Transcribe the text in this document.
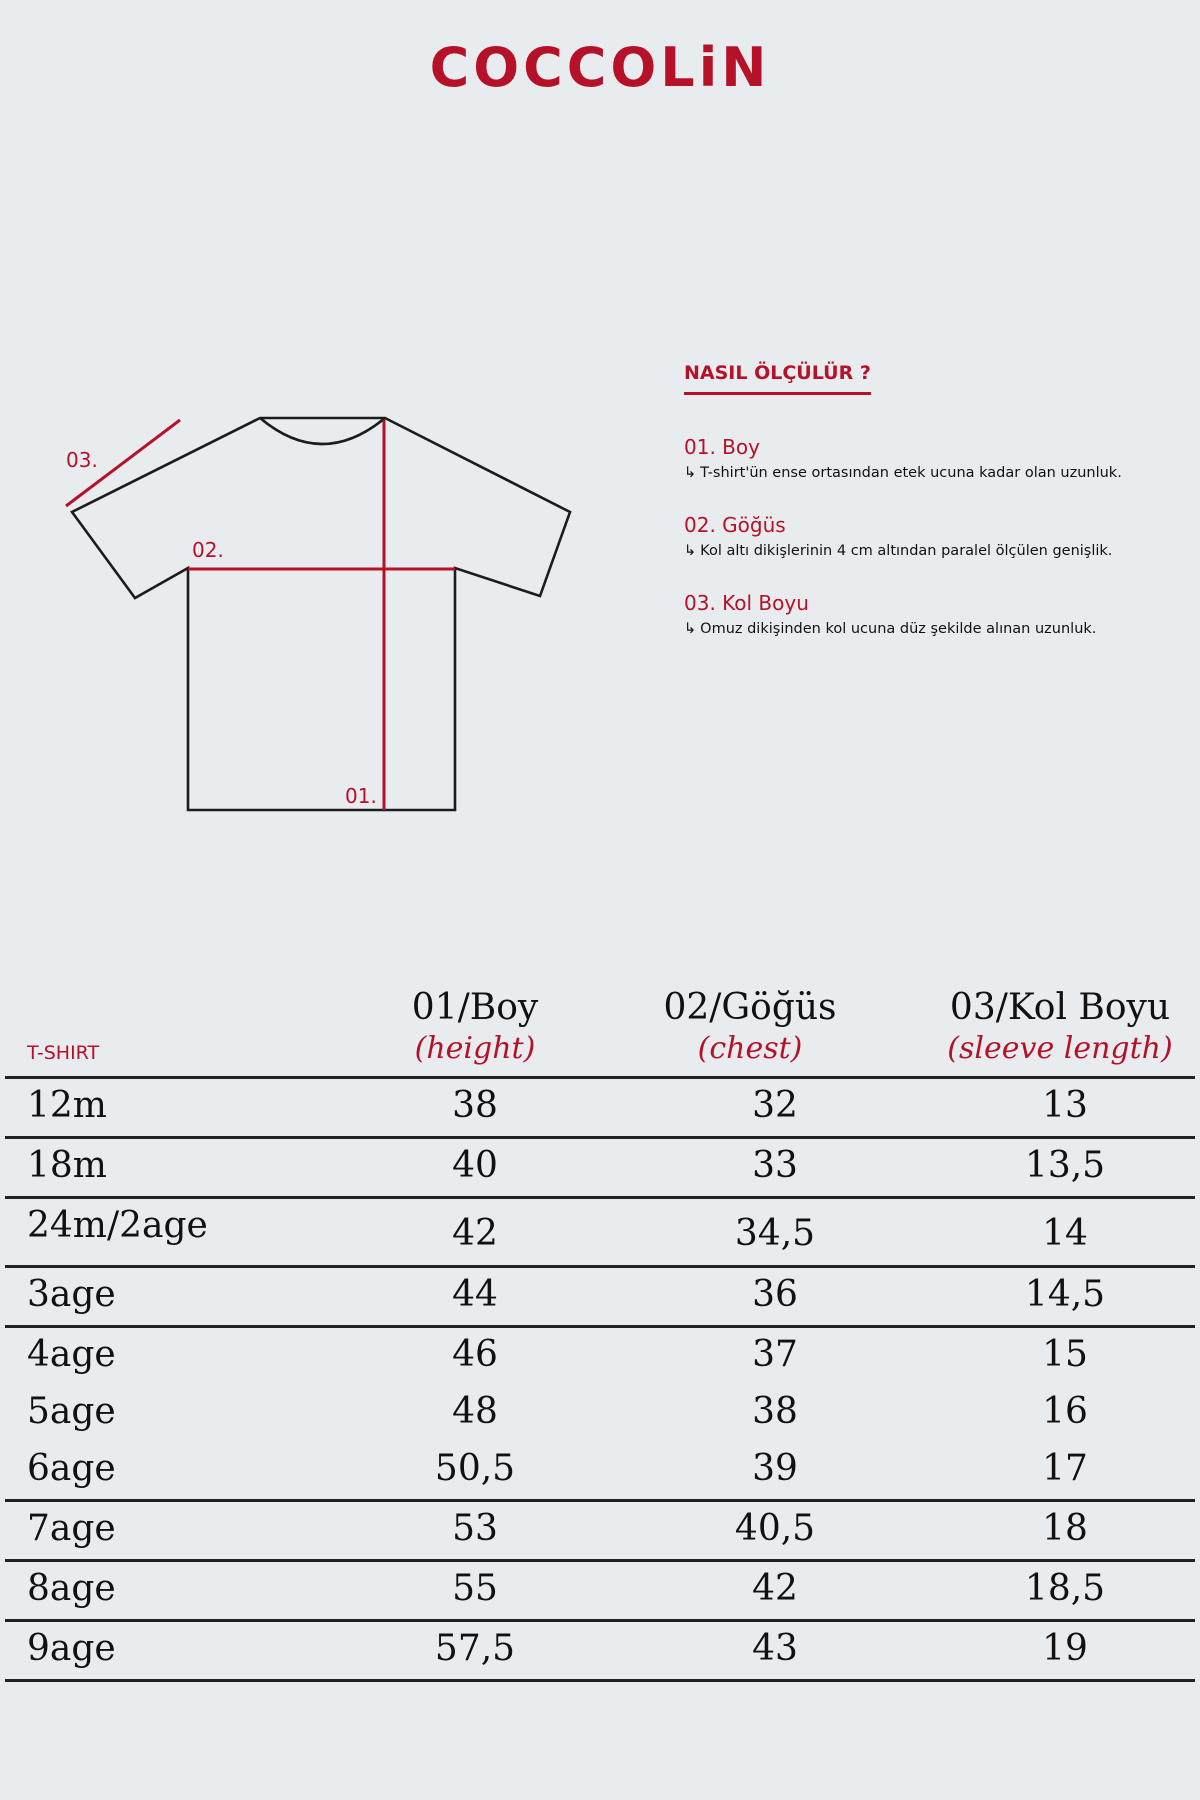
COCCOLiN
03.
02.
01.
NASIL ÖLÇÜLÜR ?
01. Boy
↳ T-shirt'ün ense ortasından etek ucuna kadar olan uzunluk.
02. Göğüs
↳ Kol altı dikişlerinin 4 cm altından paralel ölçülen genişlik.
03. Kol Boyu
↳ Omuz dikişinden kol ucuna düz şekilde alınan uzunluk.
T-SHIRT
01/Boy
(height)
02/Göğüs
(chest)
03/Kol Boyu
(sleeve length)
12m	38	32	13
18m	40	33	13,5
24m/2age	42	34,5	14
3age	44	36	14,5
4age	46	37	15
5age	48	38	16
6age	50,5	39	17
7age	53	40,5	18
8age	55	42	18,5
9age	57,5	43	19
